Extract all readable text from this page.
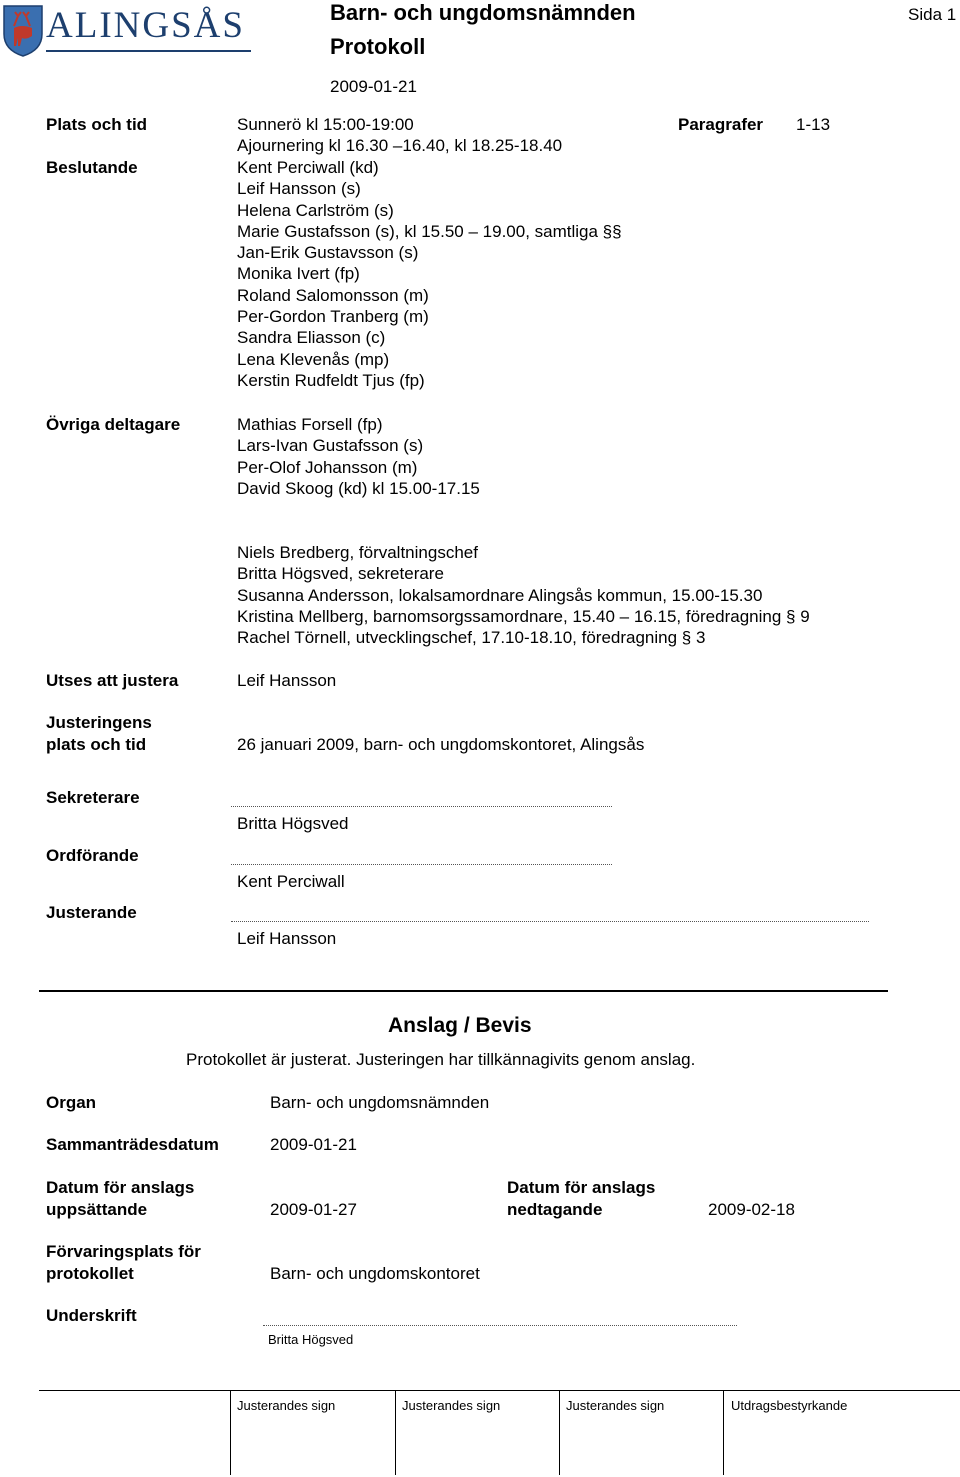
ALINGSÅS	Barn- och ungdomsnämnden
Protokoll
2009-01-21
Sida 1
Plats och tid	Sunnerö kl 15:00-19:00
Ajournering kl 16.30 –16.40, kl 18.25-18.40
Paragrafer 1-13
Beslutande	Kent Perciwall (kd)
Leif Hansson (s)
Helena Carlström (s)
Marie Gustafsson (s), kl 15.50 – 19.00, samtliga §§
Jan-Erik Gustavsson (s)
Monika Ivert (fp)
Roland Salomonsson (m)
Per-Gordon Tranberg (m)
Sandra Eliasson (c)
Lena Klevenås (mp)
Kerstin Rudfeldt Tjus (fp)
Övriga deltagare	Mathias Forsell (fp)
Lars-Ivan Gustafsson (s)
Per-Olof Johansson (m)
David Skoog (kd) kl 15.00-17.15
Niels Bredberg, förvaltningschef
Britta Högsved, sekreterare
Susanna Andersson, lokalsamordnare Alingsås kommun, 15.00-15.30
Kristina Mellberg, barnomsorgssamordnare, 15.40 – 16.15, föredragning § 9
Rachel Törnell, utvecklingschef, 17.10-18.10, föredragning § 3
Utses att justera	Leif Hansson
Justeringens
plats och tid	26 januari 2009, barn- och ungdomskontoret, Alingsås
Sekreterare
Britta Högsved
Ordförande
Kent Perciwall
Justerande
Leif Hansson
Anslag / Bevis
Protokollet är justerat. Justeringen har tillkännagivits genom anslag.
Organ	Barn- och ungdomsnämnden
Sammanträdesdatum	2009-01-21
Datum för anslags
uppsättande	2009-01-27
Datum för anslags
nedtagande	2009-02-18
Förvaringsplats för
protokollet	Barn- och ungdomskontoret
Underskrift
Britta Högsved
Justerandes sign	Justerandes sign	Justerandes sign	Utdragsbestyrkande
